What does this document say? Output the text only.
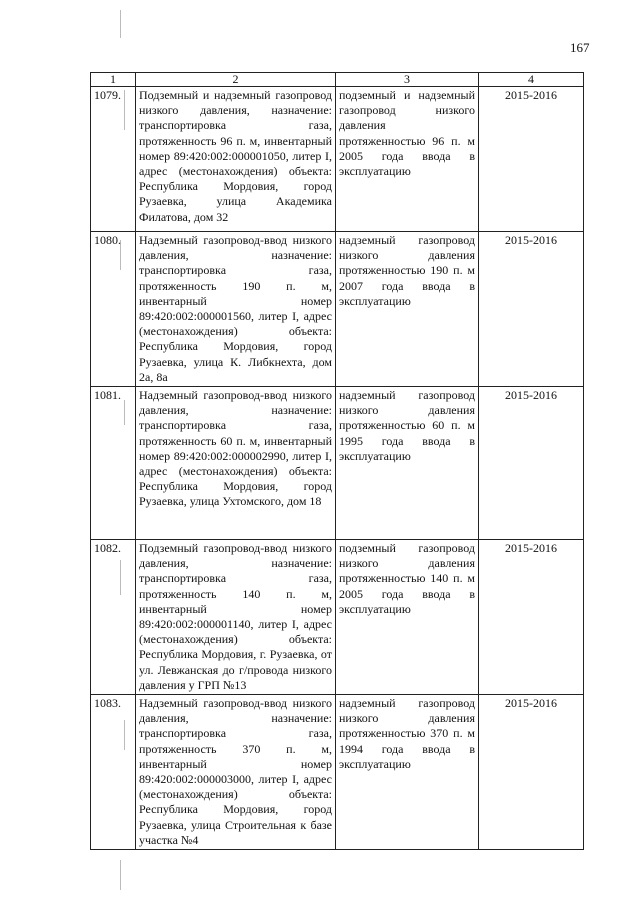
167
1	2	3	4
1079.	Подземный и надземный газопровод низкого давления, назначение: транспортировка газа, протяженность 96 п. м, инвентарный номер 89:420:002:000001050, литер I, адрес (местонахождения) объекта: Республика Мордовия, город Рузаевка, улица Академика Филатова, дом 32	подземный и надземный газопровод низкого давления протяженностью 96 п. м 2005 года ввода в эксплуатацию	2015-2016
1080.	Надземный газопровод-ввод низкого давления, назначение: транспортировка газа, протяженность 190 п. м, инвентарный номер 89:420:002:000001560, литер I, адрес (местонахождения) объекта: Республика Мордовия, город Рузаевка, улица К. Либкнехта, дом 2а, 8а	надземный газопровод низкого давления протяженностью 190 п. м 2007 года ввода в эксплуатацию	2015-2016
1081.	Надземный газопровод-ввод низкого давления, назначение: транспортировка газа, протяженность 60 п. м, инвентарный номер 89:420:002:000002990, литер I, адрес (местонахождения) объекта: Республика Мордовия, город Рузаевка, улица Ухтомского, дом 18	надземный газопровод низкого давления протяженностью 60 п. м 1995 года ввода в эксплуатацию	2015-2016
1082.	Подземный газопровод-ввод низкого давления, назначение: транспортировка газа, протяженность 140 п. м, инвентарный номер 89:420:002:000001140, литер I, адрес (местонахождения) объекта: Республика Мордовия, г. Рузаевка, от ул. Левжанская до г/провода низкого давления у ГРП №13	подземный газопровод низкого давления протяженностью 140 п. м 2005 года ввода в эксплуатацию	2015-2016
1083.	Надземный газопровод-ввод низкого давления, назначение: транспортировка газа, протяженность 370 п. м, инвентарный номер 89:420:002:000003000, литер I, адрес (местонахождения) объекта: Республика Мордовия, город Рузаевка, улица Строительная к базе участка №4	надземный газопровод низкого давления протяженностью 370 п. м 1994 года ввода в эксплуатацию	2015-2016
